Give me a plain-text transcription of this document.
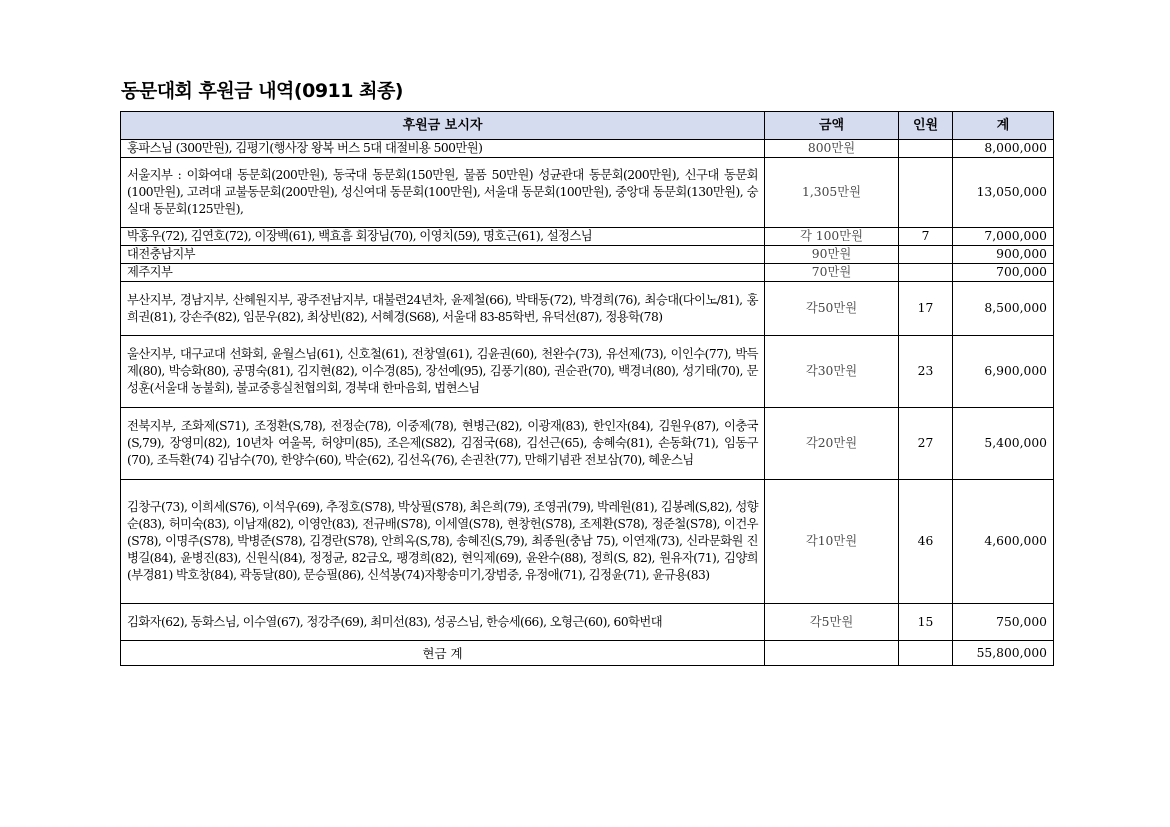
동문대회 후원금 내역(0911 최종)
후원금 보시자	금액	인원	계
홍파스님 (300만원), 김평기(행사장 왕복 버스 5대 대절비용 500만원)	800만원		8,000,000
서울지부 : 이화여대 동문회(200만원), 동국대 동문회(150만원, 물품 50만원) 성균관대 동문회(200만원), 신구대 동문회(100만원), 고려대 교불동문회(200만원), 성신여대 동문회(100만원), 서울대 동문회(100만원), 중앙대 동문회(130만원), 숭실대 동문회(125만원),	1,305만원		13,050,000
박홍우(72), 김연호(72), 이장백(61), 백효흠 회장님(70), 이영치(59), 명호근(61), 설정스님	각 100만원	7	7,000,000
대전충남지부	90만원		900,000
제주지부	70만원		700,000
부산지부, 경남지부, 산혜원지부, 광주전남지부, 대불련24년차, 윤제철(66), 박태동(72), 박경희(76), 최승대(다이노/81), 홍희권(81), 강손주(82), 임문우(82), 최상빈(82), 서혜경(S68), 서울대 83-85학번, 유덕선(87), 정용학(78)	각50만원	17	8,500,000
울산지부, 대구교대 선화회, 윤월스님(61), 신호철(61), 전창열(61), 김윤권(60), 천완수(73), 유선제(73), 이인수(77), 박득제(80), 박승화(80), 공명숙(81), 김지현(82), 이수경(85), 장선예(95), 김풍기(80), 권순관(70), 백경녀(80), 성기태(70), 문성훈(서울대 농불회), 불교중흥실천협의회, 경북대 한마음회, 법현스님	각30만원	23	6,900,000
전북지부, 조화제(S71), 조정환(S,78), 전정순(78), 이중제(78), 현병근(82), 이광재(83), 한인자(84), 김원우(87), 이충국(S,79), 장영미(82), 10년차 여울목, 허양미(85), 조은제(S82), 김점국(68), 김선근(65), 송혜숙(81), 손동화(71), 임동구(70), 조득환(74) 김남수(70), 한양수(60), 박순(62), 김선옥(76), 손권찬(77), 만해기념관 전보삼(70), 혜운스님	각20만원	27	5,400,000
김창구(73), 이희세(S76), 이석우(69), 추정호(S78), 박상필(S78), 최은희(79), 조영귀(79), 박레원(81), 김봉례(S,82), 성향순(83), 허미숙(83), 이남재(82), 이영안(83), 전규배(S78), 이세열(S78), 현창헌(S78), 조제환(S78), 정준철(S78), 이건우(S78), 이명주(S78), 박병준(S78), 김경란(S78), 안희옥(S,78), 송혜진(S,79), 최종원(충남 75), 이연재(73), 신라문화원 진병길(84), 윤병진(83), 신원식(84), 정정균, 82금오, 팽경희(82), 현익제(69), 윤완수(88), 정희(S, 82), 원유자(71), 김양희(부경81) 박호창(84), 곽동달(80), 문승필(86), 신석봉(74)자황송미기,장범중, 유정애(71), 김정윤(71), 윤규용(83)	각10만원	46	4,600,000
김화자(62), 동화스님, 이수열(67), 정강주(69), 최미선(83), 성공스님, 한승세(66), 오형근(60), 60학번대	각5만원	15	750,000
현금 계			55,800,000
